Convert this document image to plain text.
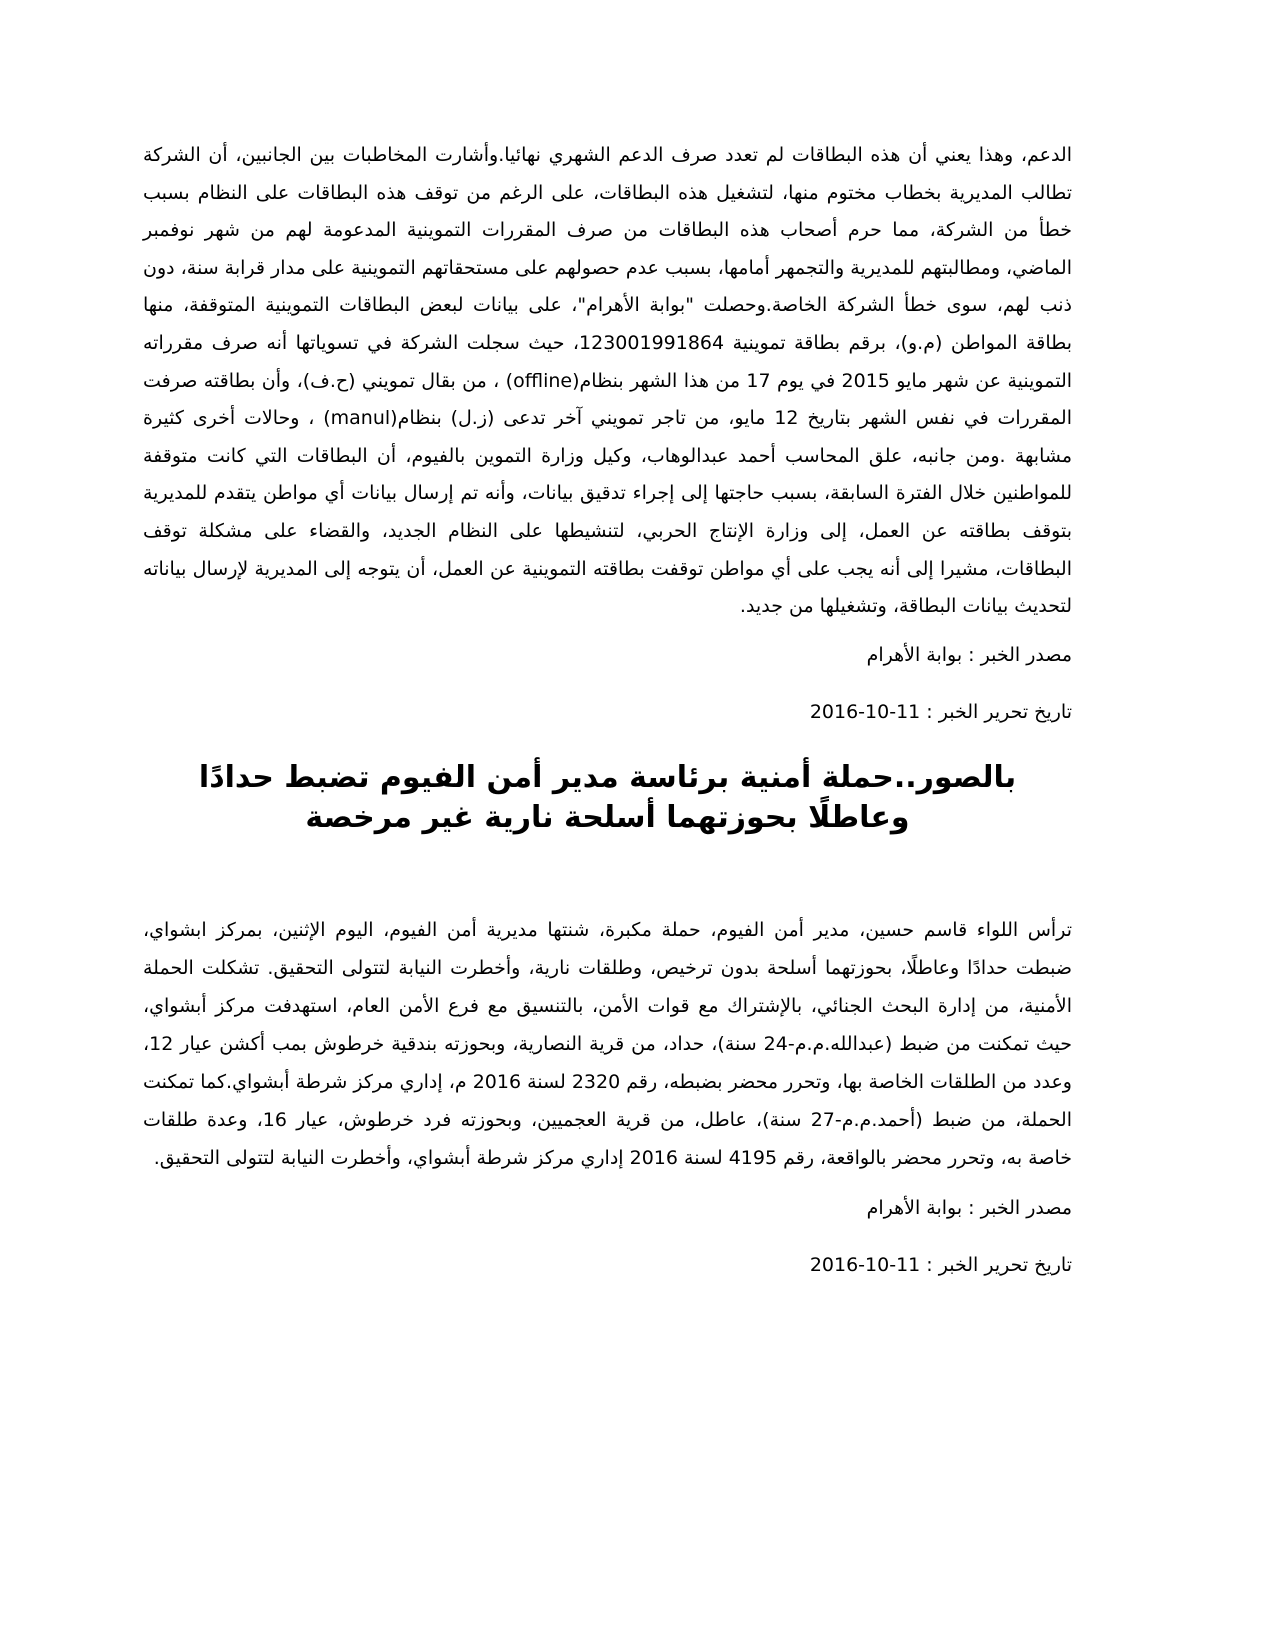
الدعم، وهذا يعني أن هذه البطاقات لم تعدد صرف الدعم الشهري نهائيا.وأشارت المخاطبات بين الجانبين، أن الشركة تطالب المديرية بخطاب مختوم منها، لتشغيل هذه البطاقات، على الرغم من توقف هذه البطاقات على النظام بسبب خطأ من الشركة، مما حرم أصحاب هذه البطاقات من صرف المقررات التموينية المدعومة لهم من شهر نوفمبر الماضي، ومطالبتهم للمديرية والتجمهر أمامها، بسبب عدم حصولهم على مستحقاتهم التموينية على مدار قرابة سنة، دون ذنب لهم، سوى خطأ الشركة الخاصة.وحصلت "بوابة الأهرام"، على بيانات لبعض البطاقات التموينية المتوقفة، منها بطاقة المواطن (م.و)، برقم بطاقة تموينية 123001991864، حيث سجلت الشركة في تسوياتها أنه صرف مقرراته التموينية عن شهر مايو 2015 في يوم 17 من هذا الشهر بنظام(offline) ، من بقال تمويني (ح.ف)، وأن بطاقته صرفت المقررات في نفس الشهر بتاريخ 12 مايو، من تاجر تمويني آخر تدعى (ز.ل) بنظام(manul) ، وحالات أخرى كثيرة مشابهة .ومن جانبه، علق المحاسب أحمد عبدالوهاب، وكيل وزارة التموين بالفيوم، أن البطاقات التي كانت متوقفة للمواطنين خلال الفترة السابقة، بسبب حاجتها إلى إجراء تدقيق بيانات، وأنه تم إرسال بيانات أي مواطن يتقدم للمديرية بتوقف بطاقته عن العمل، إلى وزارة الإنتاج الحربي، لتنشيطها على النظام الجديد، والقضاء على مشكلة توقف البطاقات، مشيرا إلى أنه يجب على أي مواطن توقفت بطاقته التموينية عن العمل، أن يتوجه إلى المديرية لإرسال بياناته لتحديث بيانات البطاقة، وتشغيلها من جديد.

مصدر الخبر : بوابة الأهرام

تاريخ تحرير الخبر : 11-10-2016

بالصور..حملة أمنية برئاسة مدير أمن الفيوم تضبط حدادًا وعاطلًا بحوزتهما أسلحة نارية غير مرخصة

ترأس اللواء قاسم حسين، مدير أمن الفيوم، حملة مكبرة، شنتها مديرية أمن الفيوم، اليوم الإثنين، بمركز ابشواي، ضبطت حدادًا وعاطلًا، بحوزتهما أسلحة بدون ترخيص، وطلقات نارية، وأخطرت النيابة لتتولى التحقيق. تشكلت الحملة الأمنية، من إدارة البحث الجنائي، بالإشتراك مع قوات الأمن، بالتنسيق مع فرع الأمن العام، استهدفت مركز أبشواي، حيث تمكنت من ضبط (عبدالله.م.م-24 سنة)، حداد، من قرية النصارية، وبحوزته بندقية خرطوش بمب أكشن عيار 12، وعدد من الطلقات الخاصة بها، وتحرر محضر بضبطه، رقم 2320 لسنة 2016 م، إداري مركز شرطة أبشواي.كما تمكنت الحملة، من ضبط (أحمد.م.م-27 سنة)، عاطل، من قرية العجميين، وبحوزته فرد خرطوش، عيار 16، وعدة طلقات خاصة به، وتحرر محضر بالواقعة، رقم 4195 لسنة 2016 إداري مركز شرطة أبشواي، وأخطرت النيابة لتتولى التحقيق.

مصدر الخبر : بوابة الأهرام

تاريخ تحرير الخبر : 11-10-2016
